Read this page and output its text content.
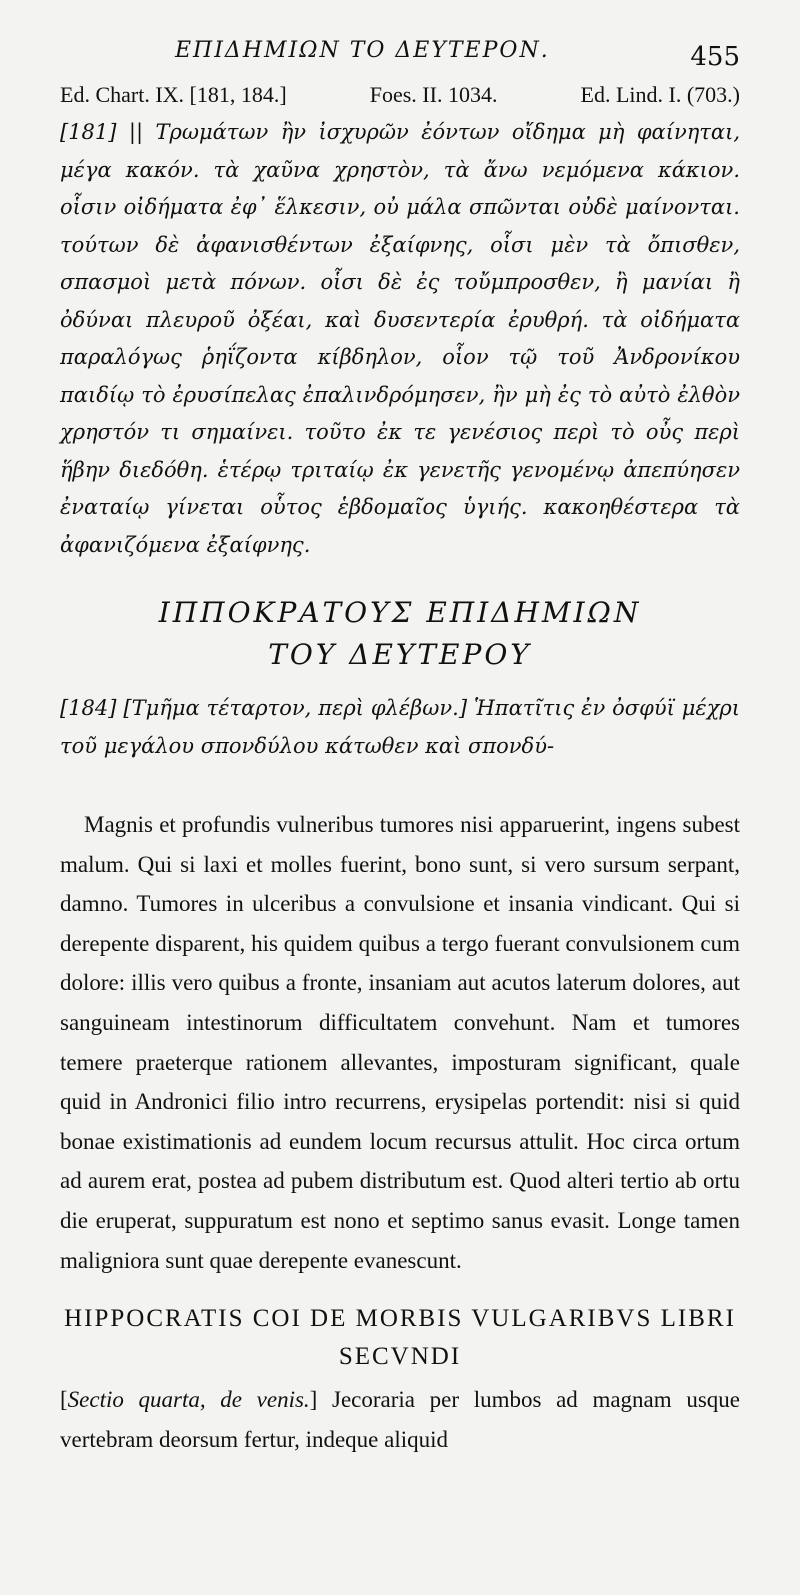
ΕΠΙΔΗΜΙΩΝ ΤΟ ΔΕΥΤΕΡΟΝ.	455
Ed. Chart. IX. [181, 184.]	Foes. II. 1034.	Ed. Lind. I. (703.)

[181] || Τρωμάτων ἢν ἰσχυρῶν ἐόντων οἴδημα μὴ φαίνηται, μέγα κακόν. τὰ χαῦνα χρηστὸν, τὰ ἄνω νεμόμενα κάκιον. οἷσιν οἰδήματα ἐφ᾽ ἕλκεσιν, οὐ μάλα σπῶνται οὐδὲ μαίνονται. τούτων δὲ ἀφανισθέντων ἐξαίφνης, οἷσι μὲν τὰ ὄπισθεν, σπασμοὶ μετὰ πόνων. οἷσι δὲ ἐς τοὔμπροσθεν, ἢ μανίαι ἢ ὀδύναι πλευροῦ ὀξέαι, καὶ δυσεντερία ἐρυθρή. τὰ οἰδήματα παραλόγως ῥηΐζοντα κίβδηλον, οἷον τῷ τοῦ Ἀνδρονίκου παιδίῳ τὸ ἐρυσίπελας ἐπαλινδρόμησεν, ἢν μὴ ἐς τὸ αὐτὸ ἐλθὸν χρηστόν τι σημαίνει. τοῦτο ἐκ τε γενέσιος περὶ τὸ οὖς περὶ ἥβην διεδόθη. ἑτέρῳ τριταίῳ ἐκ γενετῆς γενομένῳ ἀπεπύησεν ἐναταίῳ γίνεται οὗτος ἑβδομαῖος ὑγιής. κακοηθέστερα τὰ ἀφανιζόμενα ἐξαίφνης.

ΙΠΠΟΚΡΑΤΟΥΣ ΕΠΙΔΗΜΙΩΝ
ΤΟΥ ΔΕΥΤΕΡΟΥ

[184] [Τμῆμα τέταρτον, περὶ φλέβων.] Ἡπατῖτις ἐν ὀσφύϊ μέχρι τοῦ μεγάλου σπονδύλου κάτωθεν καὶ σπονδύ-

Magnis et profundis vulneribus tumores nisi apparuerint, ingens subest malum. Qui si laxi et molles fuerint, bono sunt, si vero sursum serpant, damno. Tumores in ulceribus a convulsione et insania vindicant. Qui si derepente disparent, his quidem quibus a tergo fuerant convulsionem cum dolore: illis vero quibus a fronte, insaniam aut acutos laterum dolores, aut sanguineam intestinorum difficultatem convehunt. Nam et tumores temere praeterque rationem allevantes, imposturam significant, quale quid in Andronici filio intro recurrens, erysipelas portendit: nisi si quid bonae existimationis ad eundem locum recursus attulit. Hoc circa ortum ad aurem erat, postea ad pubem distributum est. Quod alteri tertio ab ortu die eruperat, suppuratum est nono et septimo sanus evasit. Longe tamen maligniora sunt quae derepente evanescunt.

HIPPOCRATIS COI DE MORBIS VULGARIBVS LIBRI
SECVNDI

[Sectio quarta, de venis.] Jecoraria per lumbos ad magnam usque vertebram deorsum fertur, indeque aliquid
